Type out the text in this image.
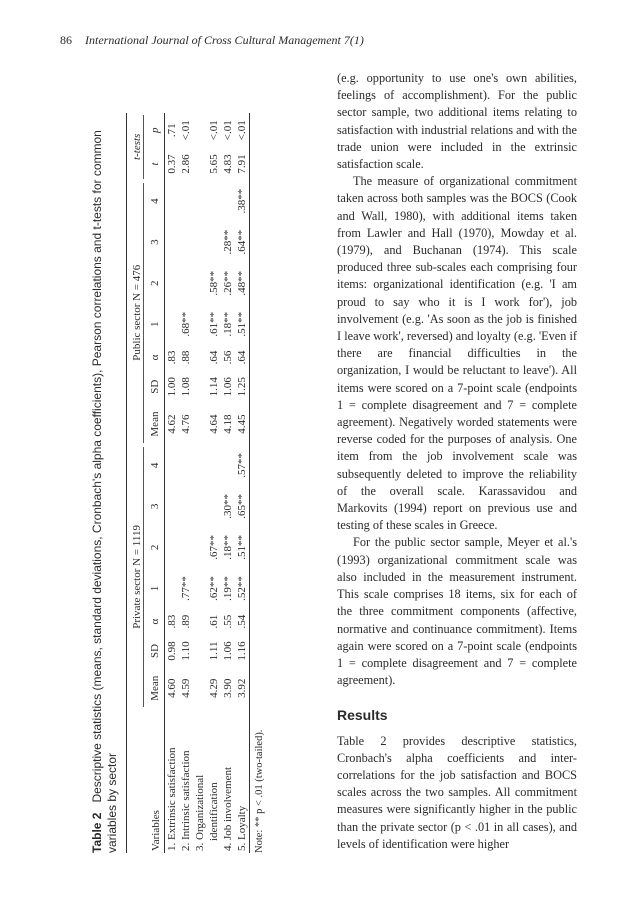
86 International Journal of Cross Cultural Management 7(1)
Table 2Descriptive statistics (means, standard deviations, Cronbach's alpha coefficients), Pearson correlations and t-tests for common variables by sector	Variables	Private sector N = 1119							Public sector N = 476							t-tests	

	Mean	SD	α	1	2	3	4	Mean	SD	α	1	2	3	4	t	p
1. Extrinsic satisfaction	4.60	0.98	.83					4.62	1.00	.83					0.37	.71
2. Intrinsic satisfaction	4.59	1.10	.89	.77**				4.76	1.08	.88	.68**				2.86	<.01
3. Organizational																
identification	4.29	1.11	.61	.62**	.67**			4.64	1.14	.64	.61**	.58**			5.65	<.01
4. Job involvement	3.90	1.06	.55	.19**	.18**	.30**		4.18	1.06	.56	.18**	.26**	.28**		4.83	<.01
5. Loyalty	3.92	1.16	.54	.52**	.51**	.65**	.57**	4.45	1.25	.64	.51**	.48**	.64**	.38**	7.91	<.01
Note: ** p < .01 (two-tailed).

(e.g. opportunity to use one's own abilities, feelings of accomplishment). For the public sector sample, two additional items relating to satisfaction with industrial relations and with the trade union were included in the extrinsic satisfaction scale.

The measure of organizational commitment taken across both samples was the BOCS (Cook and Wall, 1980), with additional items taken from Lawler and Hall (1970), Mowday et al. (1979), and Buchanan (1974). This scale produced three sub-scales each comprising four items: organizational identification (e.g. 'I am proud to say who it is I work for'), job involvement (e.g. 'As soon as the job is finished I leave work', reversed) and loyalty (e.g. 'Even if there are financial difficulties in the organization, I would be reluctant to leave'). All items were scored on a 7-point scale (endpoints 1 = complete disagreement and 7 = complete agreement). Negatively worded statements were reverse coded for the purposes of analysis. One item from the job involvement scale was subsequently deleted to improve the reliability of the overall scale. Karassavidou and Markovits (1994) report on previous use and testing of these scales in Greece.

For the public sector sample, Meyer et al.'s (1993) organizational commitment scale was also included in the measurement instrument. This scale comprises 18 items, six for each of the three commitment components (affective, normative and continuance commitment). Items again were scored on a 7-point scale (endpoints 1 = complete disagreement and 7 = complete agreement).

Results

Table 2 provides descriptive statistics, Cronbach's alpha coefficients and inter-correlations for the job satisfaction and BOCS scales across the two samples. All commitment measures were significantly higher in the public than the private sector (p < .01 in all cases), and levels of identification were higher
